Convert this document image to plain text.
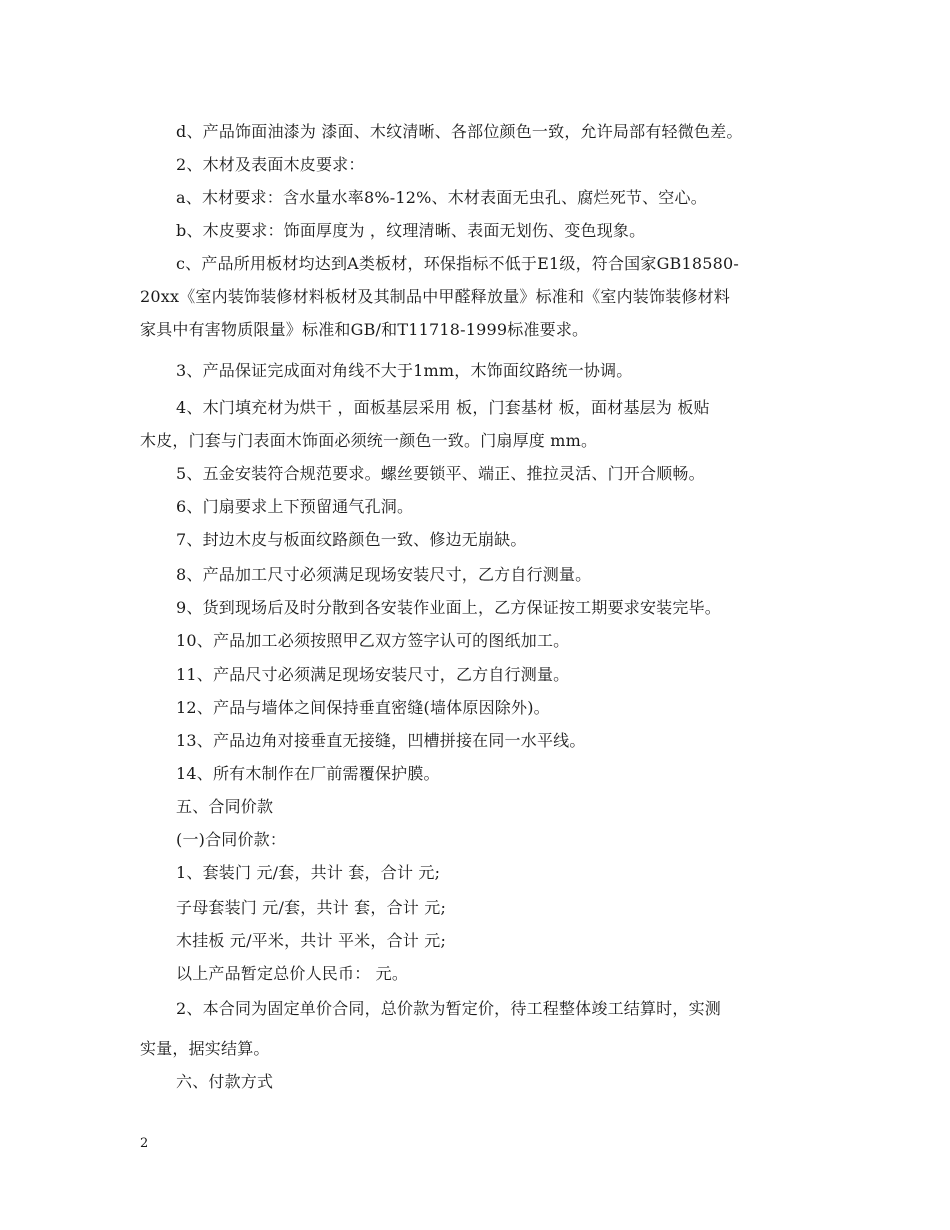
d、产品饰面油漆为 漆面、木纹清晰、各部位颜色一致，允许局部有轻微色差。
2、木材及表面木皮要求：
a、木材要求：含水量水率8%-12%、木材表面无虫孔、腐烂死节、空心。
b、木皮要求：饰面厚度为 ，纹理清晰、表面无划伤、变色现象。
c、产品所用板材均达到A类板材，环保指标不低于E1级，符合国家GB18580-
20xx《室内装饰装修材料板材及其制品中甲醛释放量》标准和《室内装饰装修材料
家具中有害物质限量》标准和GB/和T11718-1999标准要求。
3、产品保证完成面对角线不大于1mm，木饰面纹路统一协调。
4、木门填充材为烘干 ，面板基层采用 板，门套基材 板，面材基层为 板贴
木皮，门套与门表面木饰面必须统一颜色一致。门扇厚度 mm。
5、五金安装符合规范要求。螺丝要锁平、端正、推拉灵活、门开合顺畅。
6、门扇要求上下预留通气孔洞。
7、封边木皮与板面纹路颜色一致、修边无崩缺。
8、产品加工尺寸必须满足现场安装尺寸，乙方自行测量。
9、货到现场后及时分散到各安装作业面上，乙方保证按工期要求安装完毕。
10、产品加工必须按照甲乙双方签字认可的图纸加工。
11、产品尺寸必须满足现场安装尺寸，乙方自行测量。
12、产品与墙体之间保持垂直密缝(墙体原因除外)。
13、产品边角对接垂直无接缝，凹槽拼接在同一水平线。
14、所有木制作在厂前需覆保护膜。
五、合同价款
(一)合同价款：
1、套装门 元/套，共计 套，合计 元;
子母套装门 元/套，共计 套，合计 元;
木挂板 元/平米，共计 平米，合计 元;
以上产品暂定总价人民币： 元。
2、本合同为固定单价合同，总价款为暂定价，待工程整体竣工结算时，实测
实量，据实结算。
六、付款方式
2
